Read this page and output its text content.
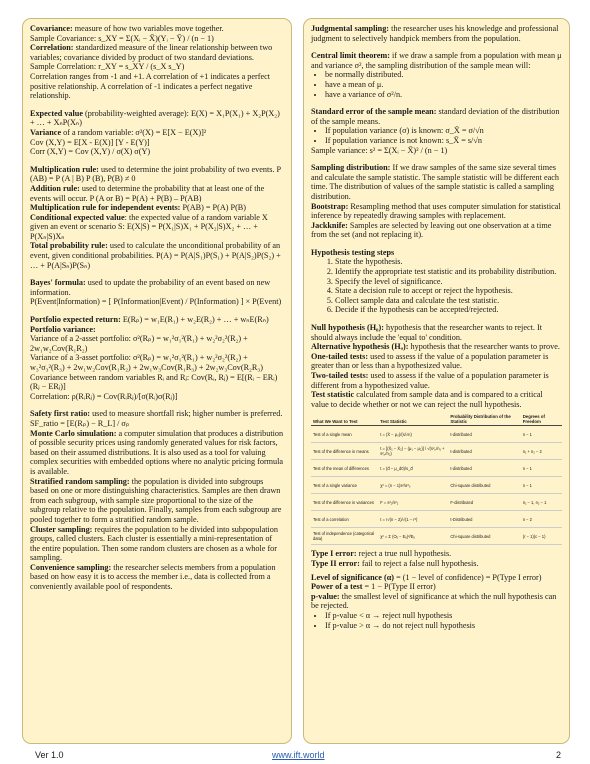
Covariance: measure of how two variables move together.

Sample Covariance: s_XY = Σ(Xᵢ − X̄)(Yᵢ − Ȳ) / (n − 1)

Correlation: standardized measure of the linear relationship between two variables; covariance divided by product of two standard deviations.

Sample Correlation: r_XY = s_XY / (s_X s_Y)

Correlation ranges from -1 and +1. A correlation of +1 indicates a perfect positive relationship. A correlation of -1 indicates a perfect negative relationship.

Expected value (probability-weighted average): E(X) = X₁P(X₁) + X₂P(X₂) + … + XₙP(Xₙ)

Variance of a random variable: σ²(X) = E[X − E(X)]²

Cov (X,Y) = E[X - E(X)] [Y - E(Y)]

Corr (X,Y) = Cov (X,Y) / σ(X) σ(Y)

Multiplication rule: used to determine the joint probability of two events. P (AB) = P (A | B) P (B), P(B) ≠ 0

Addition rule: used to determine the probability that at least one of the events will occur. P (A or B) = P(A) + P(B) – P(AB)

Multiplication rule for independent events: P(AB) = P(A) P(B)

Conditional expected value: the expected value of a random variable X given an event or scenario S: E(X|S) = P(X₁|S)X₁ + P(X₂|S)X₂ + … + P(Xₙ|S)Xₙ

Total probability rule: used to calculate the unconditional probability of an event, given conditional probabilities. P(A) = P(A|S₁)P(S₁) + P(A|S₂)P(S₂) + … + P(A|Sₙ)P(Sₙ)

Bayes' formula: used to update the probability of an event based on new information.

P(Event|Information) = [ P(Information|Event) / P(Information) ] × P(Event)

Portfolio expected return: E(Rₚ) = w₁E(R₁) + w₂E(R₂) + … + wₙE(Rₙ)

Portfolio variance:

Variance of a 2-asset portfolio: σ²(Rₚ) = w₁²σ₁²(R₁) + w₂²σ₂²(R₂) + 2w₁w₂Cov(R₁R₂)

Variance of a 3-asset portfolio: σ²(Rₚ) = w₁²σ₁²(R₁) + w₂²σ₂²(R₂) + w₃²σ₃²(R₃) + 2w₁w₂Cov(R₁R₂) + 2w₁w₃Cov(R₁R₃) + 2w₂w₃Cov(R₂R₃)

Covariance between random variables Rᵢ and Rⱼ: Cov(Rᵢ, Rⱼ) = E[(Rᵢ − ERᵢ)(Rⱼ − ERⱼ)]

Correlation: ρ(RᵢRⱼ) = Cov(RᵢRⱼ)/[σ(Rᵢ)σ(Rⱼ)]

Safety first ratio: used to measure shortfall risk; higher number is preferred. SF_ratio = [E(Rₚ) − R_L] / σₚ

Monte Carlo simulation: a computer simulation that produces a distribution of possible security prices using randomly generated values for risk factors, based on their assumed distributions. It is also used as a tool for valuing complex securities with embedded options where no analytic pricing formula is available.

Stratified random sampling: the population is divided into subgroups based on one or more distinguishing characteristics. Samples are then drawn from each subgroup, with sample size proportional to the size of the subgroup relative to the population. Finally, samples from each subgroup are pooled together to form a stratified random sample.

Cluster sampling: requires the population to be divided into subpopulation groups, called clusters. Each cluster is essentially a mini-representation of the entire population. Then some random clusters are chosen as a whole for sampling.

Convenience sampling: the researcher selects members from a population based on how easy it is to access the member i.e., data is collected from a conveniently available pool of respondents.

Judgmental sampling: the researcher uses his knowledge and professional judgment to selectively handpick members from the population.

Central limit theorem: if we draw a sample from a population with mean μ and variance σ², the sampling distribution of the sample mean will:

• be normally distributed.
• have a mean of μ.
• have a variance of σ²/n.

Standard error of the sample mean: standard deviation of the distribution of the sample means.

• If population variance (σ) is known: σ_X̄ = σ/√n
• If population variance is not known: s_X̄ = s/√n

Sample variance: s² = Σ(Xᵢ − X̄)² / (n − 1)

Sampling distribution: If we draw samples of the same size several times and calculate the sample statistic. The sample statistic will be different each time. The distribution of values of the sample statistic is called a sampling distribution.

Bootstrap: Resampling method that uses computer simulation for statistical inference by repeatedly drawing samples with replacement.

Jackknife: Samples are selected by leaving out one observation at a time from the set (and not replacing it).

Hypothesis testing steps

1. State the hypothesis.
2. Identify the appropriate test statistic and its probability distribution.
3. Specify the level of significance.
4. State a decision rule to accept or reject the hypothesis.
5. Collect sample data and calculate the test statistic.
6. Decide if the hypothesis can be accepted/rejected.

Null hypothesis (H₀): hypothesis that the researcher wants to reject. It should always include the 'equal to' condition.

Alternative hypothesis (Hₐ): hypothesis that the researcher wants to prove.

One-tailed tests: used to assess if the value of a population parameter is greater than or less than a hypothesized value.

Two-tailed tests: used to assess if the value of a population parameter is different from a hypothesized value.

Test statistic calculated from sample data and is compared to a critical value to decide whether or not we can reject the null hypothesis.

What We Want to Test	Test Statistic	Probability Distribution of the Statistic	Degrees of Freedom
Test of a single mean	t = (X̄ − μ₀)/(s/√n)	t-distributed	n − 1
Test of the difference in means	t = [(X̄₁ − X̄₂) − (μ₁ − μ₂)] / √(s²ₚ/n₁ + s²ₚ/n₂)	t-distributed	n₁ + n₂ − 2
Test of the mean of differences	t = (d̄ − μ_d0)/s_d̄	t-distributed	n − 1
Test of a single variance	χ² = (n − 1)s²/σ²₀	Chi-square distributed	n − 1
Test of the difference in variances	F = s²₁/s²₂	F-distributed	n₁ − 1, n₂ − 1
Test of a correlation	t = r√(n − 2)/√(1 − r²)	t-Distributed	n − 2
Test of independence (categorical data)	χ² = Σ (Oᵢⱼ − Eᵢⱼ)²/Eᵢⱼ	Chi-square distributed	(r − 1)(c − 1)

Type I error: reject a true null hypothesis.

Type II error: fail to reject a false null hypothesis.

Level of significance (α) = (1 − level of confidence) = P(Type I error)

Power of a test = 1 − P(Type II error)

p-value: the smallest level of significance at which the null hypothesis can be rejected.

• If p-value < α → reject null hypothesis
• If p-value > α → do not reject null hypothesis
Ver 1.0	www.ift.world	2
